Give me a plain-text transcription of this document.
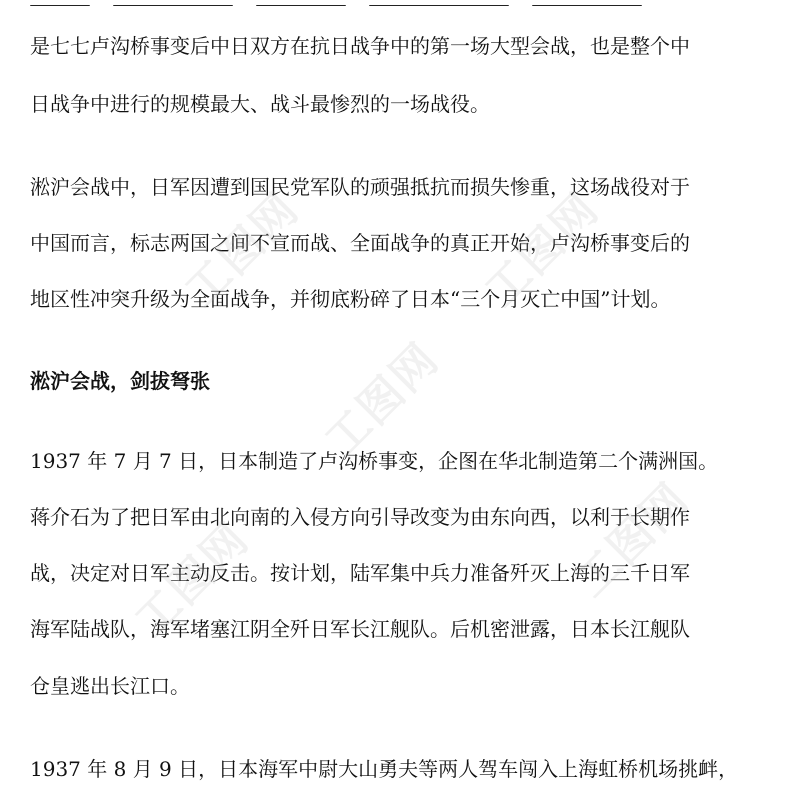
是七七卢沟桥事变后中日双方在抗日战争中的第一场大型会战，也是整个中
日战争中进行的规模最大、战斗最惨烈的一场战役。
淞沪会战中，日军因遭到国民党军队的顽强抵抗而损失惨重，这场战役对于
中国而言，标志两国之间不宣而战、全面战争的真正开始，卢沟桥事变后的
地区性冲突升级为全面战争，并彻底粉碎了日本“三个月灭亡中国”计划。
淞沪会战，剑拔弩张
1937 年 7 月 7 日，日本制造了卢沟桥事变，企图在华北制造第二个满洲国。
蒋介石为了把日军由北向南的入侵方向引导改变为由东向西，以利于长期作
战，决定对日军主动反击。按计划，陆军集中兵力准备歼灭上海的三千日军
海军陆战队，海军堵塞江阴全歼日军长江舰队。后机密泄露，日本长江舰队
仓皇逃出长江口。
1937 年 8 月 9 日，日本海军中尉大山勇夫等两人驾车闯入上海虹桥机场挑衅，
工图网	工图网
工图网
工图网	工图网
